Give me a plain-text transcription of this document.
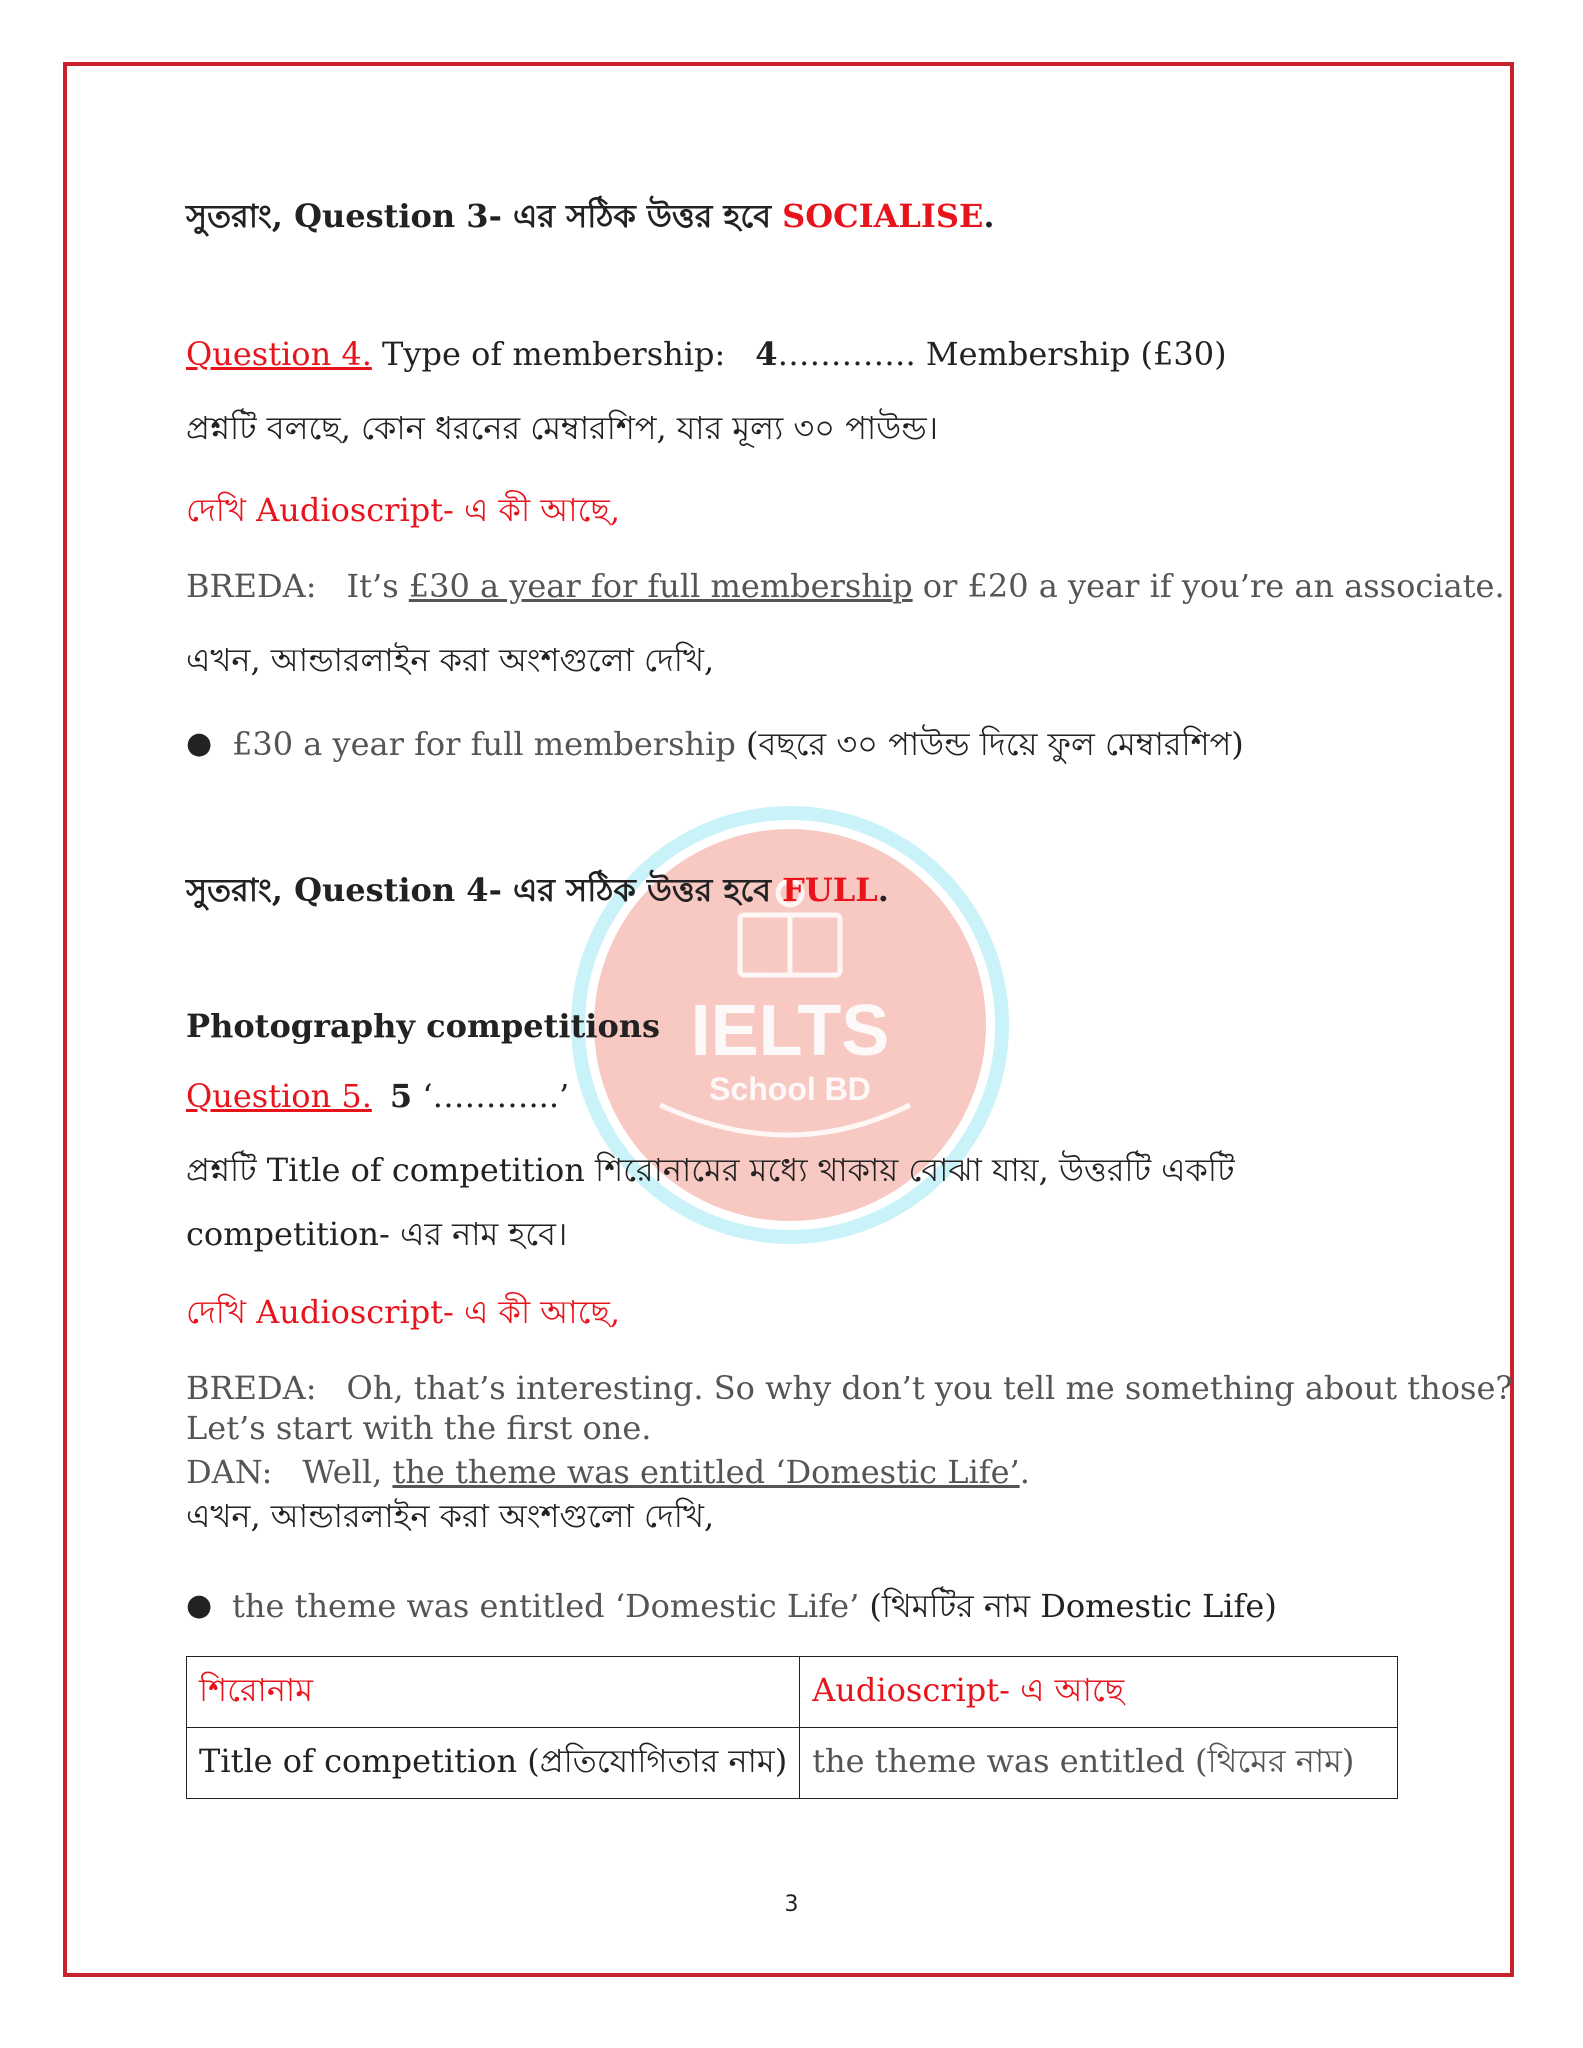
IELTS
School BD
সুতরাং, Question 3- এর সঠিক উত্তর হবে SOCIALISE.
Question 4. Type of membership: 4…………. Membership (£30)
প্রশ্নটি বলছে, কোন ধরনের মেম্বারশিপ, যার মূল্য ৩০ পাউন্ড।
দেখি Audioscript- এ কী আছে,
BREDA: It’s £30 a year for full membership or £20 a year if you’re an associate.
এখন, আন্ডারলাইন করা অংশগুলো দেখি,
● £30 a year for full membership (বছরে ৩০ পাউন্ড দিয়ে ফুল মেম্বারশিপ)
সুতরাং, Question 4- এর সঠিক উত্তর হবে FULL.
Photography competitions
Question 5. 5 ‘………...’
প্রশ্নটি Title of competition শিরোনামের মধ্যে থাকায় বোঝা যায়, উত্তরটি একটি
competition- এর নাম হবে।
দেখি Audioscript- এ কী আছে,
BREDA: Oh, that’s interesting. So why don’t you tell me something about those?
Let’s start with the first one.
DAN: Well, the theme was entitled ‘Domestic Life’.
এখন, আন্ডারলাইন করা অংশগুলো দেখি,
● the theme was entitled ‘Domestic Life’ (থিমটির নাম Domestic Life)
শিরোনাম	Audioscript- এ আছে
Title of competition (প্রতিযোগিতার নাম)	the theme was entitled (থিমের নাম)
3
